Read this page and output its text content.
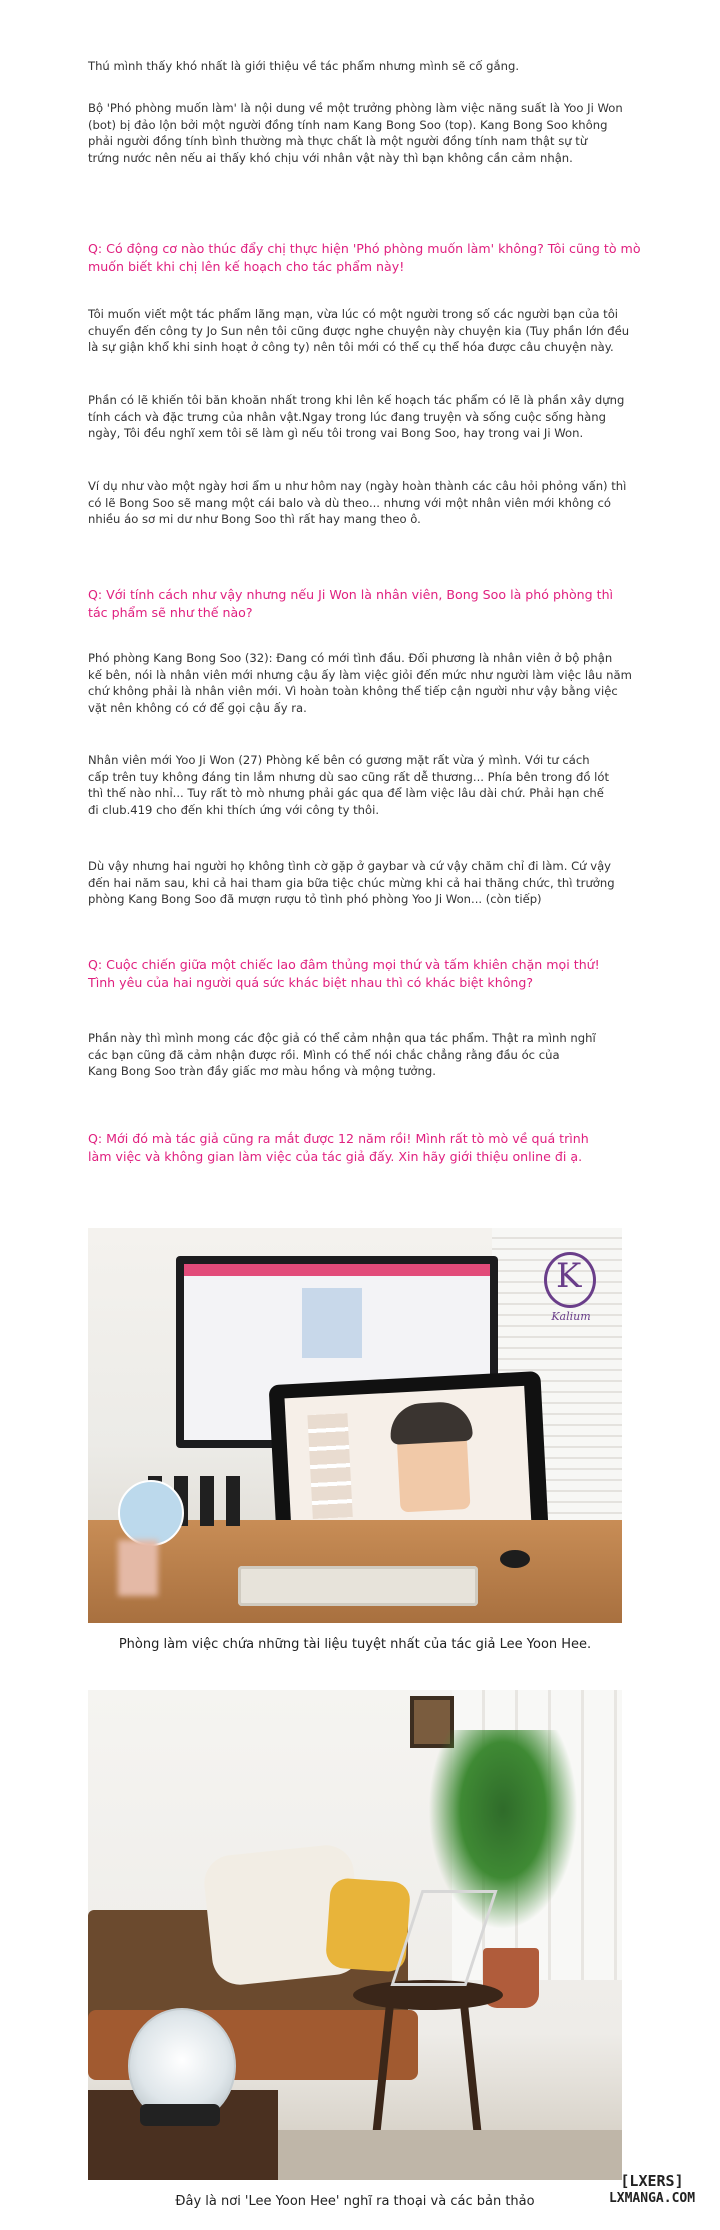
Thú mình thấy khó nhất là giới thiệu về tác phẩm nhưng mình sẽ cố gắng.

Bộ 'Phó phòng muốn làm' là nội dung về một trưởng phòng làm việc năng suất là Yoo Ji Won
(bot) bị đảo lộn bởi một người đồng tính nam Kang Bong Soo (top). Kang Bong Soo không
phải người đồng tính bình thường mà thực chất là một người đồng tính nam thật sự từ
trứng nước nên nếu ai thấy khó chịu với nhân vật này thì bạn không cần cảm nhận.

Q: Có động cơ nào thúc đẩy chị thực hiện 'Phó phòng muốn làm' không? Tôi cũng tò mò
muốn biết khi chị lên kế hoạch cho tác phẩm này!

Tôi muốn viết một tác phẩm lãng mạn, vừa lúc có một người trong số các người bạn của tôi
chuyển đến công ty Jo Sun nên tôi cũng được nghe chuyện này chuyện kia (Tuy phần lớn đều
là sự giận khổ khi sinh hoạt ở công ty) nên tôi mới có thể cụ thể hóa được câu chuyện này.

Phần có lẽ khiến tôi băn khoăn nhất trong khi lên kế hoạch tác phẩm có lẽ là phần xây dựng
tính cách và đặc trưng của nhân vật.Ngay trong lúc đang truyện và sống cuộc sống hàng
ngày, Tôi đều nghĩ xem tôi sẽ làm gì nếu tôi trong vai Bong Soo, hay trong vai Ji Won.

Ví dụ như vào một ngày hơi ẩm u như hôm nay (ngày hoàn thành các câu hỏi phỏng vấn) thì
có lẽ Bong Soo sẽ mang một cái balo và dù theo... nhưng với một nhân viên mới không có
nhiều áo sơ mi dư như Bong Soo thì rất hay mang theo ô.

Q: Với tính cách như vậy nhưng nếu Ji Won là nhân viên, Bong Soo là phó phòng thì
tác phẩm sẽ như thế nào?

Phó phòng Kang Bong Soo (32): Đang có mới tình đầu. Đối phương là nhân viên ở bộ phận
kế bên, nói là nhân viên mới nhưng cậu ấy làm việc giỏi đến mức như người làm việc lâu năm
chứ không phải là nhân viên mới. Vì hoàn toàn không thể tiếp cận người như vậy bằng việc
vặt nên không có cớ để gọi cậu ấy ra.

Nhân viên mới Yoo Ji Won (27) Phòng kế bên có gương mặt rất vừa ý mình. Với tư cách
cấp trên tuy không đáng tin lắm nhưng dù sao cũng rất dễ thương... Phía bên trong đồ lót
thì thế nào nhỉ... Tuy rất tò mò nhưng phải gác qua để làm việc lâu dài chứ. Phải hạn chế
đi club.419 cho đến khi thích ứng với công ty thôi.

Dù vậy nhưng hai người họ không tình cờ gặp ở gaybar và cứ vậy chăm chỉ đi làm. Cứ vậy
đến hai năm sau, khi cả hai tham gia bữa tiệc chúc mừng khi cả hai thăng chức, thì trưởng
phòng Kang Bong Soo đã mượn rượu tỏ tình phó phòng Yoo Ji Won... (còn tiếp)

Q: Cuộc chiến giữa một chiếc lao đâm thủng mọi thứ và tấm khiên chặn mọi thứ!
Tình yêu của hai người quá sức khác biệt nhau thì có khác biệt không?

Phần này thì mình mong các độc giả có thể cảm nhận qua tác phẩm. Thật ra mình nghĩ
các bạn cũng đã cảm nhận được rồi. Mình có thể nói chắc chẳng rằng đầu óc của
Kang Bong Soo tràn đầy giấc mơ màu hồng và mộng tưởng.

Q: Mới đó mà tác giả cũng ra mắt được 12 năm rồi! Mình rất tò mò về quá trình
làm việc và không gian làm việc của tác giả đấy. Xin hãy giới thiệu online đi ạ.

K
Kalium
Phòng làm việc chứa những tài liệu tuyệt nhất của tác giả Lee Yoon Hee.
Đây là nơi 'Lee Yoon Hee' nghĩ ra thoại và các bản thảo
[LXERS]
LXMANGA.COM
